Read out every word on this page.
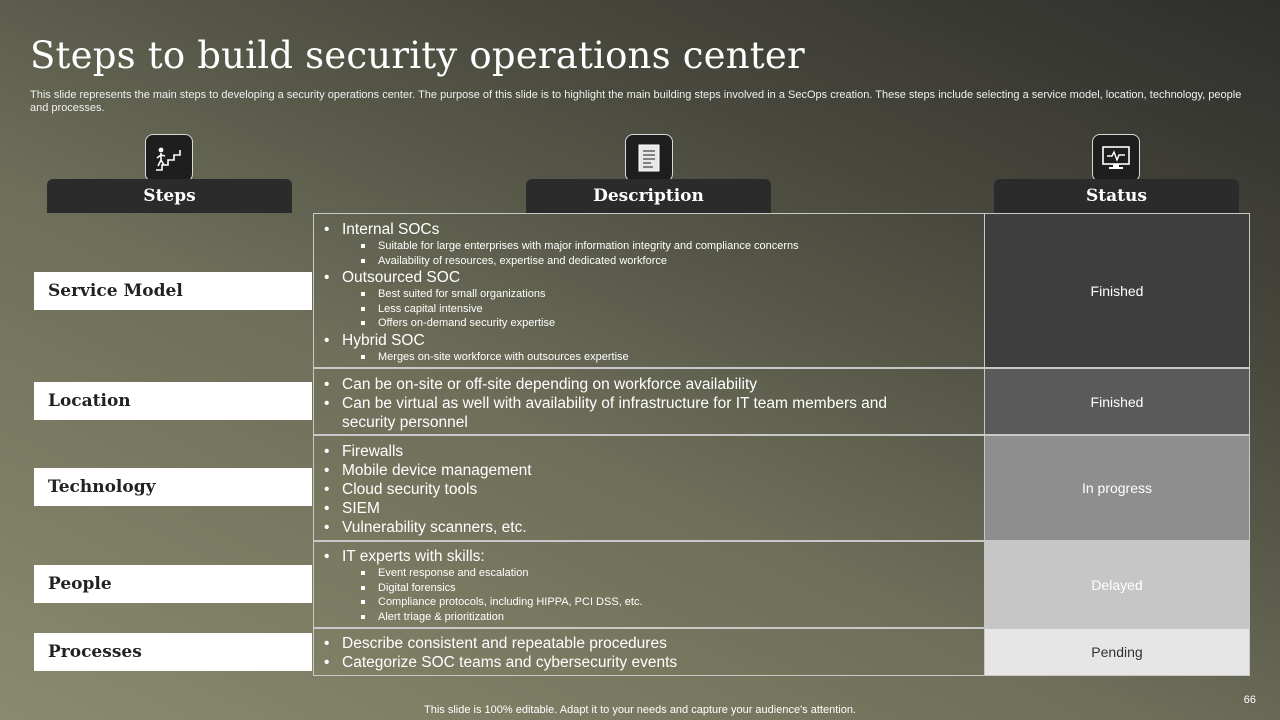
Steps to build security operations center
This slide represents the main steps to developing a security operations center. The purpose of this slide is to highlight the main building steps involved in a SecOps creation. These steps include selecting a service model, location, technology, people and processes.
Steps	Description	Status
Service Model
Location
Technology
People
Processes
• Internal SOCs
Suitable for large enterprises with major information integrity and compliance concerns
Availability of resources, expertise and dedicated workforce
• Outsourced SOC
Best suited for small organizations
Less capital intensive
Offers on-demand security expertise
• Hybrid SOC
Merges on-site workforce with outsources expertise
Finished
• Can be on-site or off-site depending on workforce availability
• Can be virtual as well with availability of infrastructure for IT team members and security personnel
Finished
• Firewalls
• Mobile device management
• Cloud security tools
• SIEM
• Vulnerability scanners, etc.
In progress
• IT experts with skills:
Event response and escalation
Digital forensics
Compliance protocols, including HIPPA, PCI DSS, etc.
Alert triage & prioritization
Delayed
• Describe consistent and repeatable procedures
• Categorize SOC teams and cybersecurity events
Pending
This slide is 100% editable. Adapt it to your needs and capture your audience's attention.
66
